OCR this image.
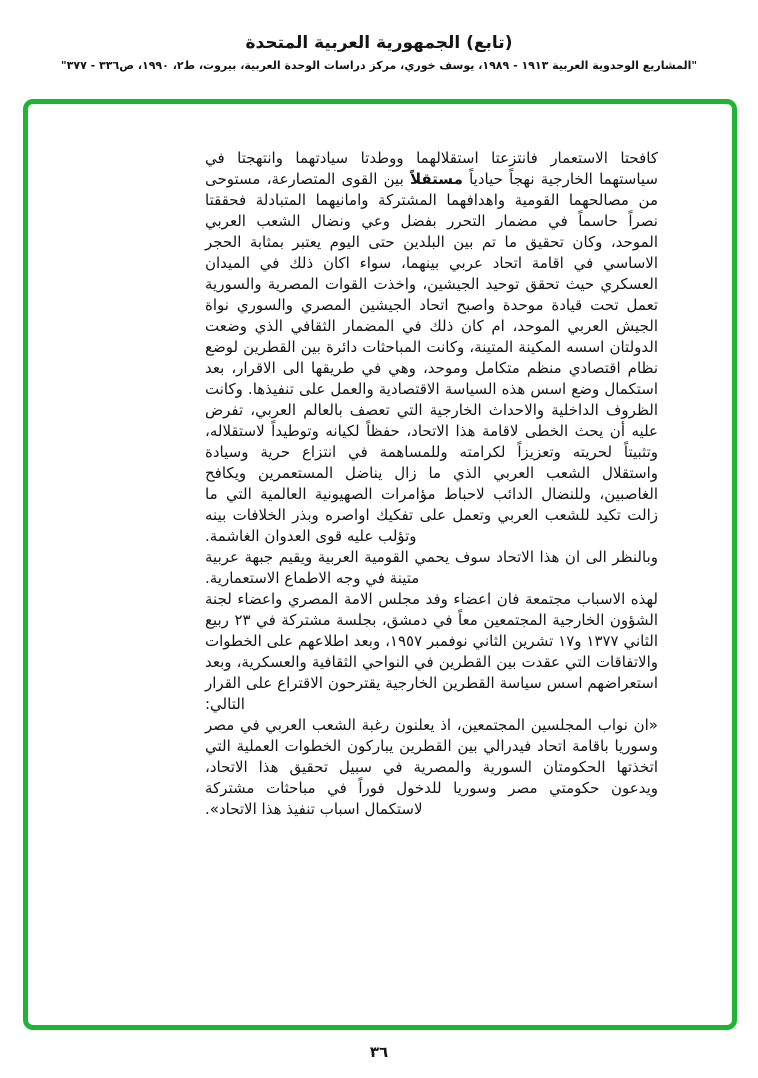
(تابع) الجمهورية العربية المتحدة
"المشاريع الوحدوية العربية ١٩١٣ - ١٩٨٩، يوسف خوري، مركز دراسات الوحدة العربية، بيروت، ط٢، ١٩٩٠، ص٣٣٦ - ٣٧٧"

كافحتا الاستعمار فانتزعتا استقلالهما ووطدتا سيادتهما وانتهجتا في سياستهما الخارجية نهجاً حيادياً مستقلاً بين القوى المتصارعة، مستوحى من مصالحهما القومية واهدافهما المشتركة وامانيهما المتبادلة فحققتا نصراً حاسماً في مضمار التحرر بفضل وعي ونضال الشعب العربي الموحد، وكان تحقيق ما تم بين البلدين حتى اليوم يعتبر بمثابة الحجر الاساسي في اقامة اتحاد عربي بينهما، سواء اكان ذلك في الميدان العسكري حيث تحقق توحيد الجيشين، واخذت القوات المصرية والسورية تعمل تحت قيادة موحدة واصبح اتحاد الجيشين المصري والسوري نواة الجيش العربي الموحد، ام كان ذلك في المضمار الثقافي الذي وضعت الدولتان اسسه المكينة المتينة، وكانت المباحثات دائرة بين القطرين لوضع نظام اقتصادي منظم متكامل وموحد، وهي في طريقها الى الاقرار، بعد استكمال وضع اسس هذه السياسة الاقتصادية والعمل على تنفيذها. وكانت الظروف الداخلية والاحداث الخارجية التي تعصف بالعالم العربي، تفرض عليه أن يحث الخطى لاقامة هذا الاتحاد، حفظاً لكيانه وتوطيداً لاستقلاله، وتثبيتاً لحريته وتعزيزاً لكرامته وللمساهمة في انتزاع حرية وسيادة واستقلال الشعب العربي الذي ما زال يناضل المستعمرين ويكافح الغاصبين، وللنضال الدائب لاحباط مؤامرات الصهيونية العالمية التي ما زالت تكيد للشعب العربي وتعمل على تفكيك اواصره وبذر الخلافات بينه وتؤلب عليه قوى العدوان الغاشمة.

وبالنظر الى ان هذا الاتحاد سوف يحمي القومية العربية ويقيم جبهة عربية متينة في وجه الاطماع الاستعمارية.

لهذه الاسباب مجتمعة فان اعضاء وفد مجلس الامة المصري واعضاء لجنة الشؤون الخارجية المجتمعين معاً في دمشق، بجلسة مشتركة في ٢٣ ربيع الثاني ١٣٧٧ و١٧ تشرين الثاني نوفمبر ١٩٥٧، وبعد اطلاعهم على الخطوات والاتفاقات التي عقدت بين القطرين في النواحي الثقافية والعسكرية، وبعد استعراضهم اسس سياسة القطرين الخارجية يقترحون الاقتراع على القرار التالي:

«ان نواب المجلسين المجتمعين، اذ يعلنون رغبة الشعب العربي في مصر وسوريا باقامة اتحاد فيدرالي بين القطرين يباركون الخطوات العملية التي اتخذتها الحكومتان السورية والمصرية في سبيل تحقيق هذا الاتحاد، ويدعون حكومتي مصر وسوريا للدخول فوراً في مباحثات مشتركة لاستكمال اسباب تنفيذ هذا الاتحاد».

٣٦
